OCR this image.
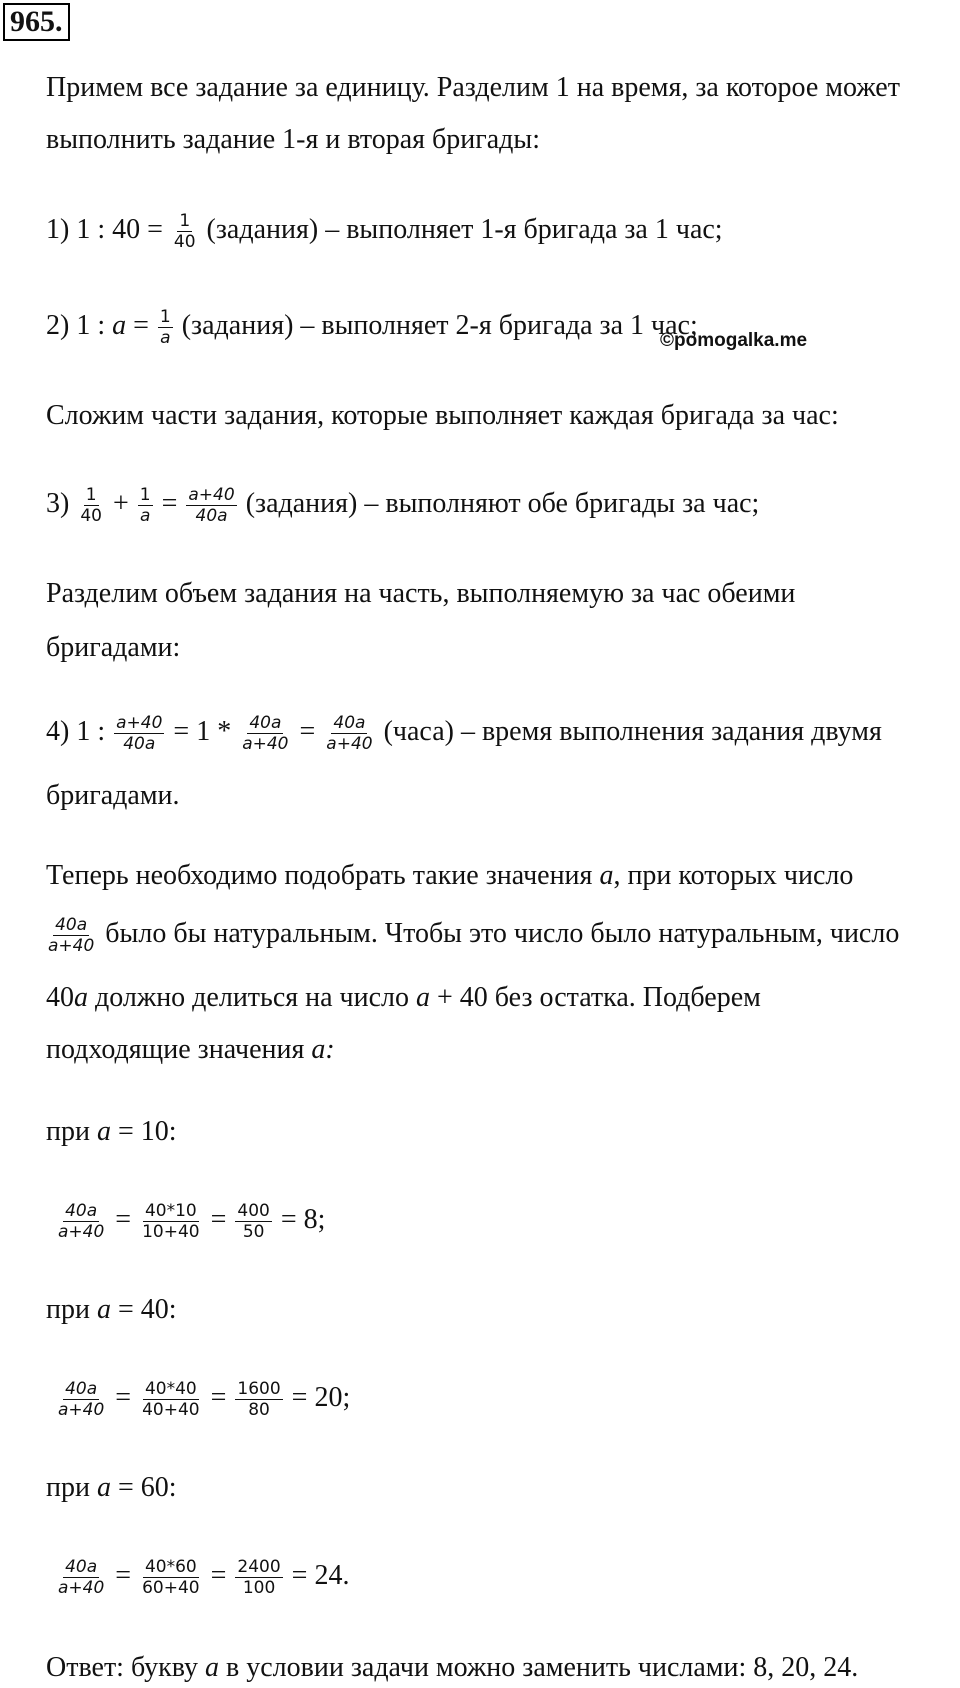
965.
Примем все задание за единицу. Разделим 1 на время, за которое может
выполнить задание 1-я и вторая бригады:
1) 1 : $40 = \frac{1}{40}$ (задания) – выполняет 1-я бригада за 1 час;
2) 1 : $a = \frac{1}{a}$ (задания) – выполняет 2-я бригада за 1 час;
©pomogalka.me
Сложим части задания, которые выполняет каждая бригада за час:
$3) \frac{1}{40} + \frac{1}{a} = \frac{a+40}{40a}$ (задания) – выполняют обе бригады за час;
Разделим объем задания на часть, выполняемую за час обеими
бригадами:
4) 1 : $\frac{a+40}{40a} = 1 * \frac{40a}{a+40} = \frac{40a}{a+40}$ (часа) – время выполнения задания двумя
бригадами.
Теперь необходимо подобрать такие значения a, при которых число
$\frac{40a}{a+40}$ было бы натуральным. Чтобы это число было натуральным, число
40a должно делиться на число a + 40 без остатка. Подберем
подходящие значения a:
при a = 10:
$\frac{40a}{a+40} = \frac{40*10}{10+40} = \frac{400}{50} = 8$;
при a = 40:
$\frac{40a}{a+40} = \frac{40*40}{40+40} = \frac{1600}{80} = 20$;
при a = 60:
$\frac{40a}{a+40} = \frac{40*60}{60+40} = \frac{2400}{100} = 24$.
Ответ: букву a в условии задачи можно заменить числами: 8, 20, 24.
